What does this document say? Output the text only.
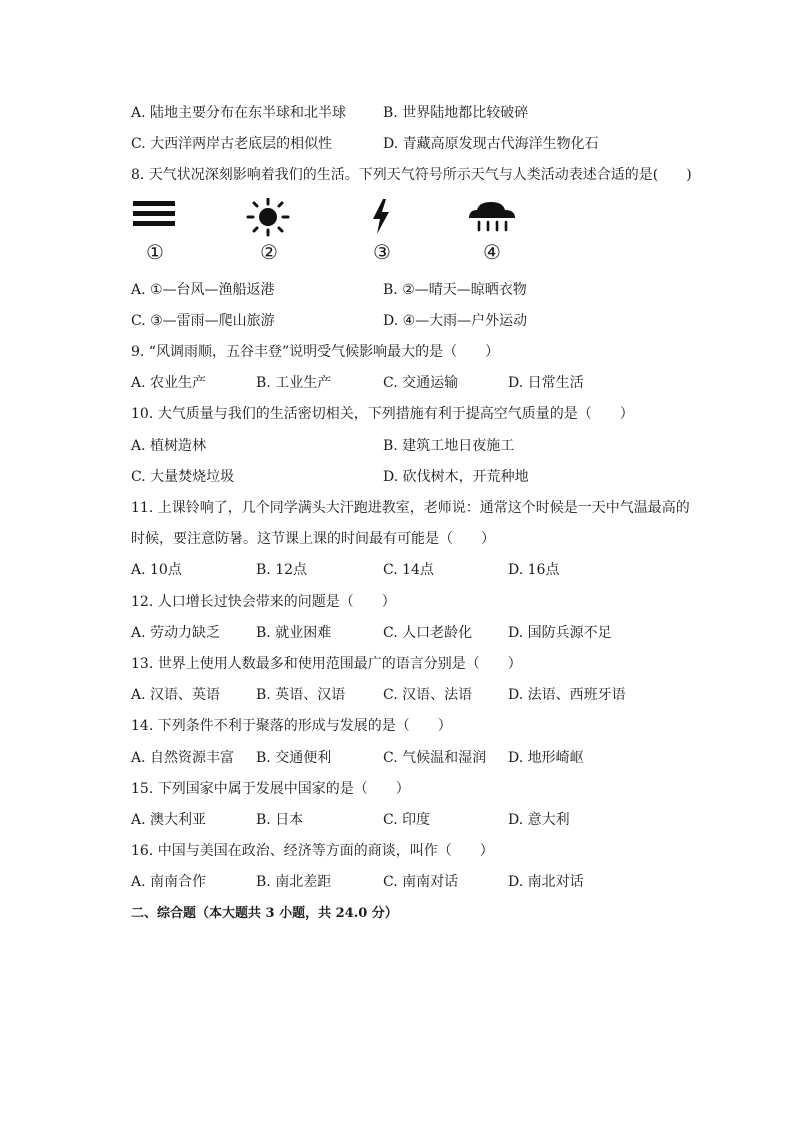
A. 陆地主要分布在东半球和北半球	B. 世界陆地都比较破碎
C. 大西洋两岸古老底层的相似性	D. 青藏高原发现古代海洋生物化石
8. 天气状况深刻影响着我们的生活。下列天气符号所示天气与人类活动表述合适的是(　　)
①	②	③	④
A. ①—台风—渔船返港	B. ②—晴天—晾晒衣物
C. ③—雷雨—爬山旅游	D. ④—大雨—户外运动
9. “风调雨顺，五谷丰登”说明受气候影响最大的是（　　）
A. 农业生产	B. 工业生产	C. 交通运输	D. 日常生活
10. 大气质量与我们的生活密切相关，下列措施有利于提高空气质量的是（　　）
A. 植树造林	B. 建筑工地日夜施工
C. 大量焚烧垃圾	D. 砍伐树木，开荒种地
11. 上课铃响了，几个同学满头大汗跑进教室，老师说：通常这个时候是一天中气温最高的
时候，要注意防暑。这节课上课的时间最有可能是（　　）
A. 10点	B. 12点	C. 14点	D. 16点
12. 人口增长过快会带来的问题是（　　）
A. 劳动力缺乏	B. 就业困难	C. 人口老龄化	D. 国防兵源不足
13. 世界上使用人数最多和使用范围最广的语言分别是（　　）
A. 汉语、英语	B. 英语、汉语	C. 汉语、法语	D. 法语、西班牙语
14. 下列条件不利于聚落的形成与发展的是（　　）
A. 自然资源丰富 B. 交通便利	C. 气候温和湿润 D. 地形崎岖
15. 下列国家中属于发展中国家的是（　　）
A. 澳大利亚	B. 日本	C. 印度	D. 意大利
16. 中国与美国在政治、经济等方面的商谈，叫作（　　）
A. 南南合作	B. 南北差距	C. 南南对话	D. 南北对话
二、综合题（本大题共 3 小题，共 24.0 分）
